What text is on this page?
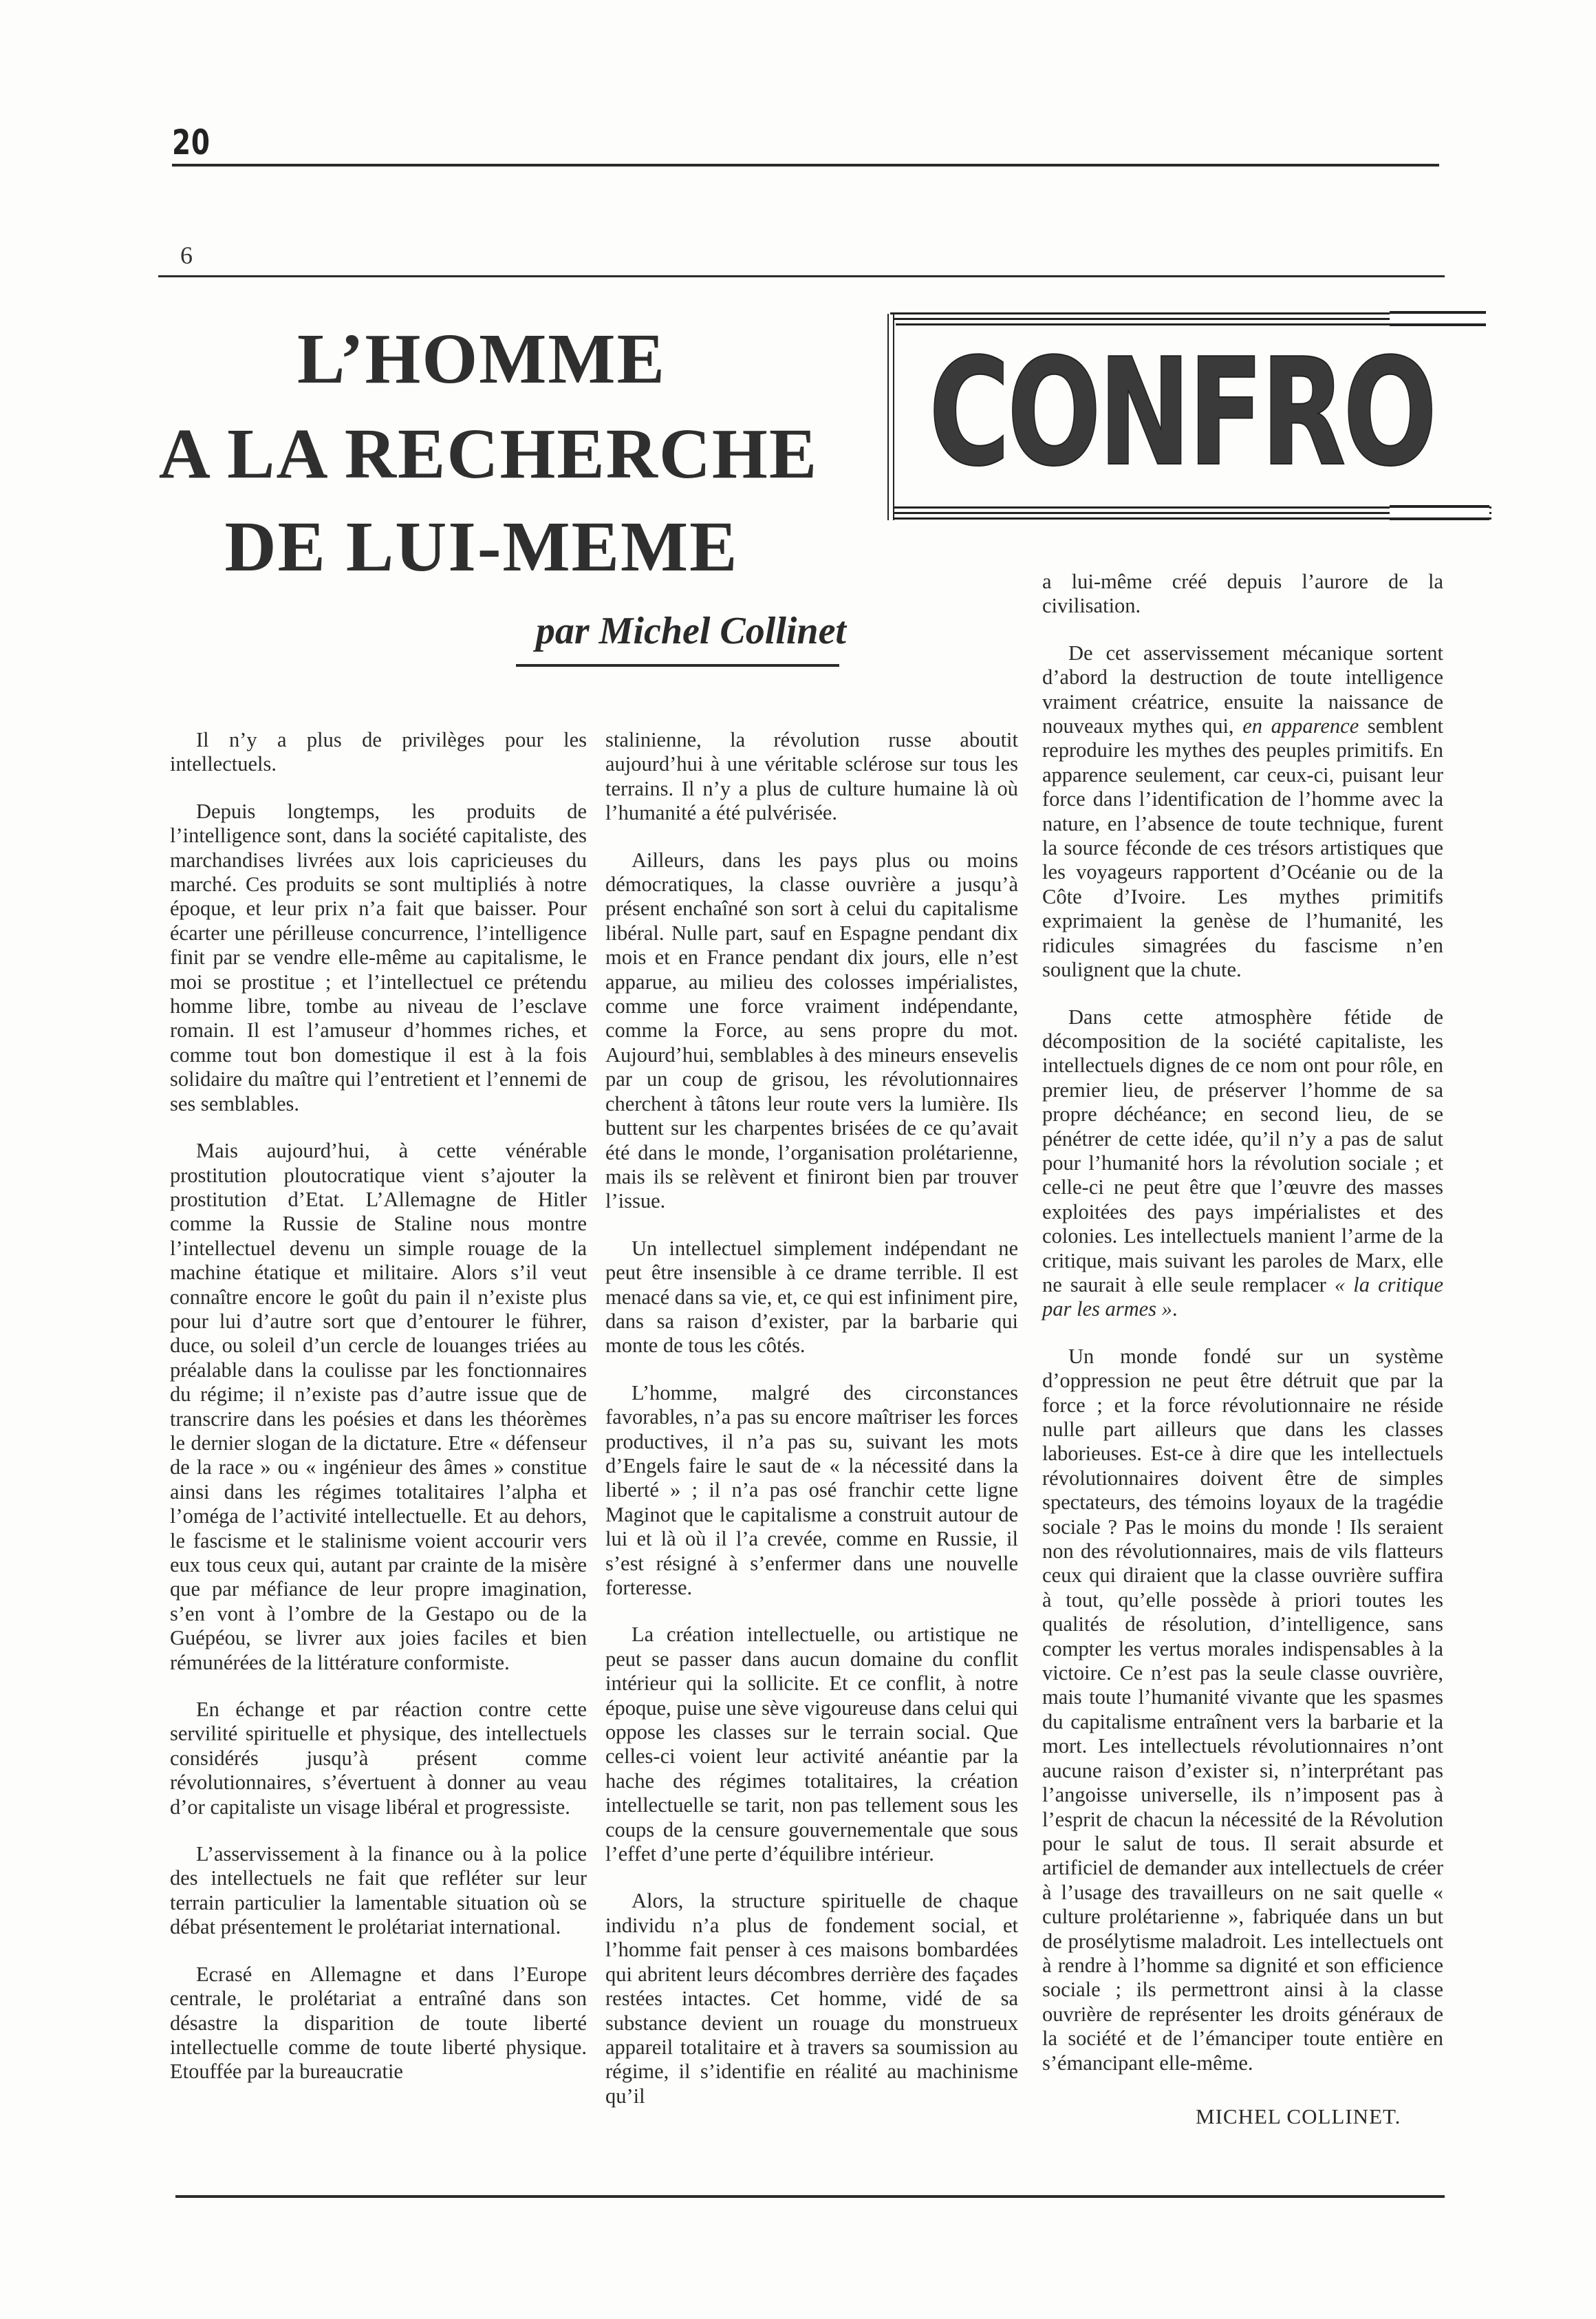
20
6
L’HOMME
A LA RECHERCHE
DE LUI-MEME
par Michel Collinet
CONFRO

Il n’y a plus de privilèges pour les intellectuels.

Depuis longtemps, les produits de l’intelligence sont, dans la société capitaliste, des marchandises livrées aux lois capricieuses du marché. Ces produits se sont multipliés à notre époque, et leur prix n’a fait que baisser. Pour écarter une périlleuse concurrence, l’intelligence finit par se vendre elle-même au capitalisme, le moi se prostitue ; et l’intellectuel ce prétendu homme libre, tombe au niveau de l’esclave romain. Il est l’amuseur d’hommes riches, et comme tout bon domestique il est à la fois solidaire du maître qui l’entretient et l’ennemi de ses semblables.

Mais aujourd’hui, à cette vénérable prostitution ploutocratique vient s’ajouter la prostitution d’Etat. L’Allemagne de Hitler comme la Russie de Staline nous montre l’intellectuel devenu un simple rouage de la machine étatique et militaire. Alors s’il veut connaître encore le goût du pain il n’existe plus pour lui d’autre sort que d’entourer le führer, duce, ou soleil d’un cercle de louanges triées au préalable dans la coulisse par les fonctionnaires du régime; il n’existe pas d’autre issue que de transcrire dans les poésies et dans les théorèmes le dernier slogan de la dictature. Etre « défenseur de la race » ou « ingénieur des âmes » constitue ainsi dans les régimes totalitaires l’alpha et l’oméga de l’activité intellectuelle. Et au dehors, le fascisme et le stalinisme voient accourir vers eux tous ceux qui, autant par crainte de la misère que par méfiance de leur propre imagination, s’en vont à l’ombre de la Gestapo ou de la Guépéou, se livrer aux joies faciles et bien rémunérées de la littérature conformiste.

En échange et par réaction contre cette servilité spirituelle et physique, des intellectuels considérés jusqu’à présent comme révolutionnaires, s’évertuent à donner au veau d’or capitaliste un visage libéral et progressiste.

L’asservissement à la finance ou à la police des intellectuels ne fait que refléter sur leur terrain particulier la lamentable situation où se débat présentement le prolétariat international.

Ecrasé en Allemagne et dans l’Europe centrale, le prolétariat a entraîné dans son désastre la disparition de toute liberté intellectuelle comme de toute liberté physique. Etouffée par la bureaucratie

stalinienne, la révolution russe aboutit aujourd’hui à une véritable sclérose sur tous les terrains. Il n’y a plus de culture humaine là où l’humanité a été pulvérisée.

Ailleurs, dans les pays plus ou moins démocratiques, la classe ouvrière a jusqu’à présent enchaîné son sort à celui du capitalisme libéral. Nulle part, sauf en Espagne pendant dix mois et en France pendant dix jours, elle n’est apparue, au milieu des colosses impérialistes, comme une force vraiment indépendante, comme la Force, au sens propre du mot. Aujourd’hui, semblables à des mineurs ensevelis par un coup de grisou, les révolutionnaires cherchent à tâtons leur route vers la lumière. Ils buttent sur les charpentes brisées de ce qu’avait été dans le monde, l’organisation prolétarienne, mais ils se relèvent et finiront bien par trouver l’issue.

Un intellectuel simplement indépendant ne peut être insensible à ce drame terrible. Il est menacé dans sa vie, et, ce qui est infiniment pire, dans sa raison d’exister, par la barbarie qui monte de tous les côtés.

L’homme, malgré des circonstances favorables, n’a pas su encore maîtriser les forces productives, il n’a pas su, suivant les mots d’Engels faire le saut de « la nécessité dans la liberté » ; il n’a pas osé franchir cette ligne Maginot que le capitalisme a construit autour de lui et là où il l’a crevée, comme en Russie, il s’est résigné à s’enfermer dans une nouvelle forteresse.

La création intellectuelle, ou artistique ne peut se passer dans aucun domaine du conflit intérieur qui la sollicite. Et ce conflit, à notre époque, puise une sève vigoureuse dans celui qui oppose les classes sur le terrain social. Que celles-ci voient leur activité anéantie par la hache des régimes totalitaires, la création intellectuelle se tarit, non pas tellement sous les coups de la censure gouvernementale que sous l’effet d’une perte d’équilibre intérieur.

Alors, la structure spirituelle de chaque individu n’a plus de fondement social, et l’homme fait penser à ces maisons bombardées qui abritent leurs décombres derrière des façades restées intactes. Cet homme, vidé de sa substance devient un rouage du monstrueux appareil totalitaire et à travers sa soumission au régime, il s’identifie en réalité au machinisme qu’il

a lui-même créé depuis l’aurore de la civilisation.

De cet asservissement mécanique sortent d’abord la destruction de toute intelligence vraiment créatrice, ensuite la naissance de nouveaux mythes qui, en apparence semblent reproduire les mythes des peuples primitifs. En apparence seulement, car ceux-ci, puisant leur force dans l’identification de l’homme avec la nature, en l’absence de toute technique, furent la source féconde de ces trésors artistiques que les voyageurs rapportent d’Océanie ou de la Côte d’Ivoire. Les mythes primitifs exprimaient la genèse de l’humanité, les ridicules simagrées du fascisme n’en soulignent que la chute.

Dans cette atmosphère fétide de décomposition de la société capitaliste, les intellectuels dignes de ce nom ont pour rôle, en premier lieu, de préserver l’homme de sa propre déchéance; en second lieu, de se pénétrer de cette idée, qu’il n’y a pas de salut pour l’humanité hors la révolution sociale ; et celle-ci ne peut être que l’œuvre des masses exploitées des pays impérialistes et des colonies. Les intellectuels manient l’arme de la critique, mais suivant les paroles de Marx, elle ne saurait à elle seule remplacer « la critique par les armes ».

Un monde fondé sur un système d’oppression ne peut être détruit que par la force ; et la force révolutionnaire ne réside nulle part ailleurs que dans les classes laborieuses. Est-ce à dire que les intellectuels révolutionnaires doivent être de simples spectateurs, des témoins loyaux de la tragédie sociale ? Pas le moins du monde ! Ils seraient non des révolutionnaires, mais de vils flatteurs ceux qui diraient que la classe ouvrière suffira à tout, qu’elle possède à priori toutes les qualités de résolution, d’intelligence, sans compter les vertus morales indispensables à la victoire. Ce n’est pas la seule classe ouvrière, mais toute l’humanité vivante que les spasmes du capitalisme entraînent vers la barbarie et la mort. Les intellectuels révolutionnaires n’ont aucune raison d’exister si, n’interprétant pas l’angoisse universelle, ils n’imposent pas à l’esprit de chacun la nécessité de la Révolution pour le salut de tous. Il serait absurde et artificiel de demander aux intellectuels de créer à l’usage des travailleurs on ne sait quelle « culture prolétarienne », fabriquée dans un but de prosélytisme maladroit. Les intellectuels ont à rendre à l’homme sa dignité et son efficience sociale ; ils permettront ainsi à la classe ouvrière de représenter les droits généraux de la société et de l’émanciper toute entière en s’émancipant elle-même.

MICHEL COLLINET.
